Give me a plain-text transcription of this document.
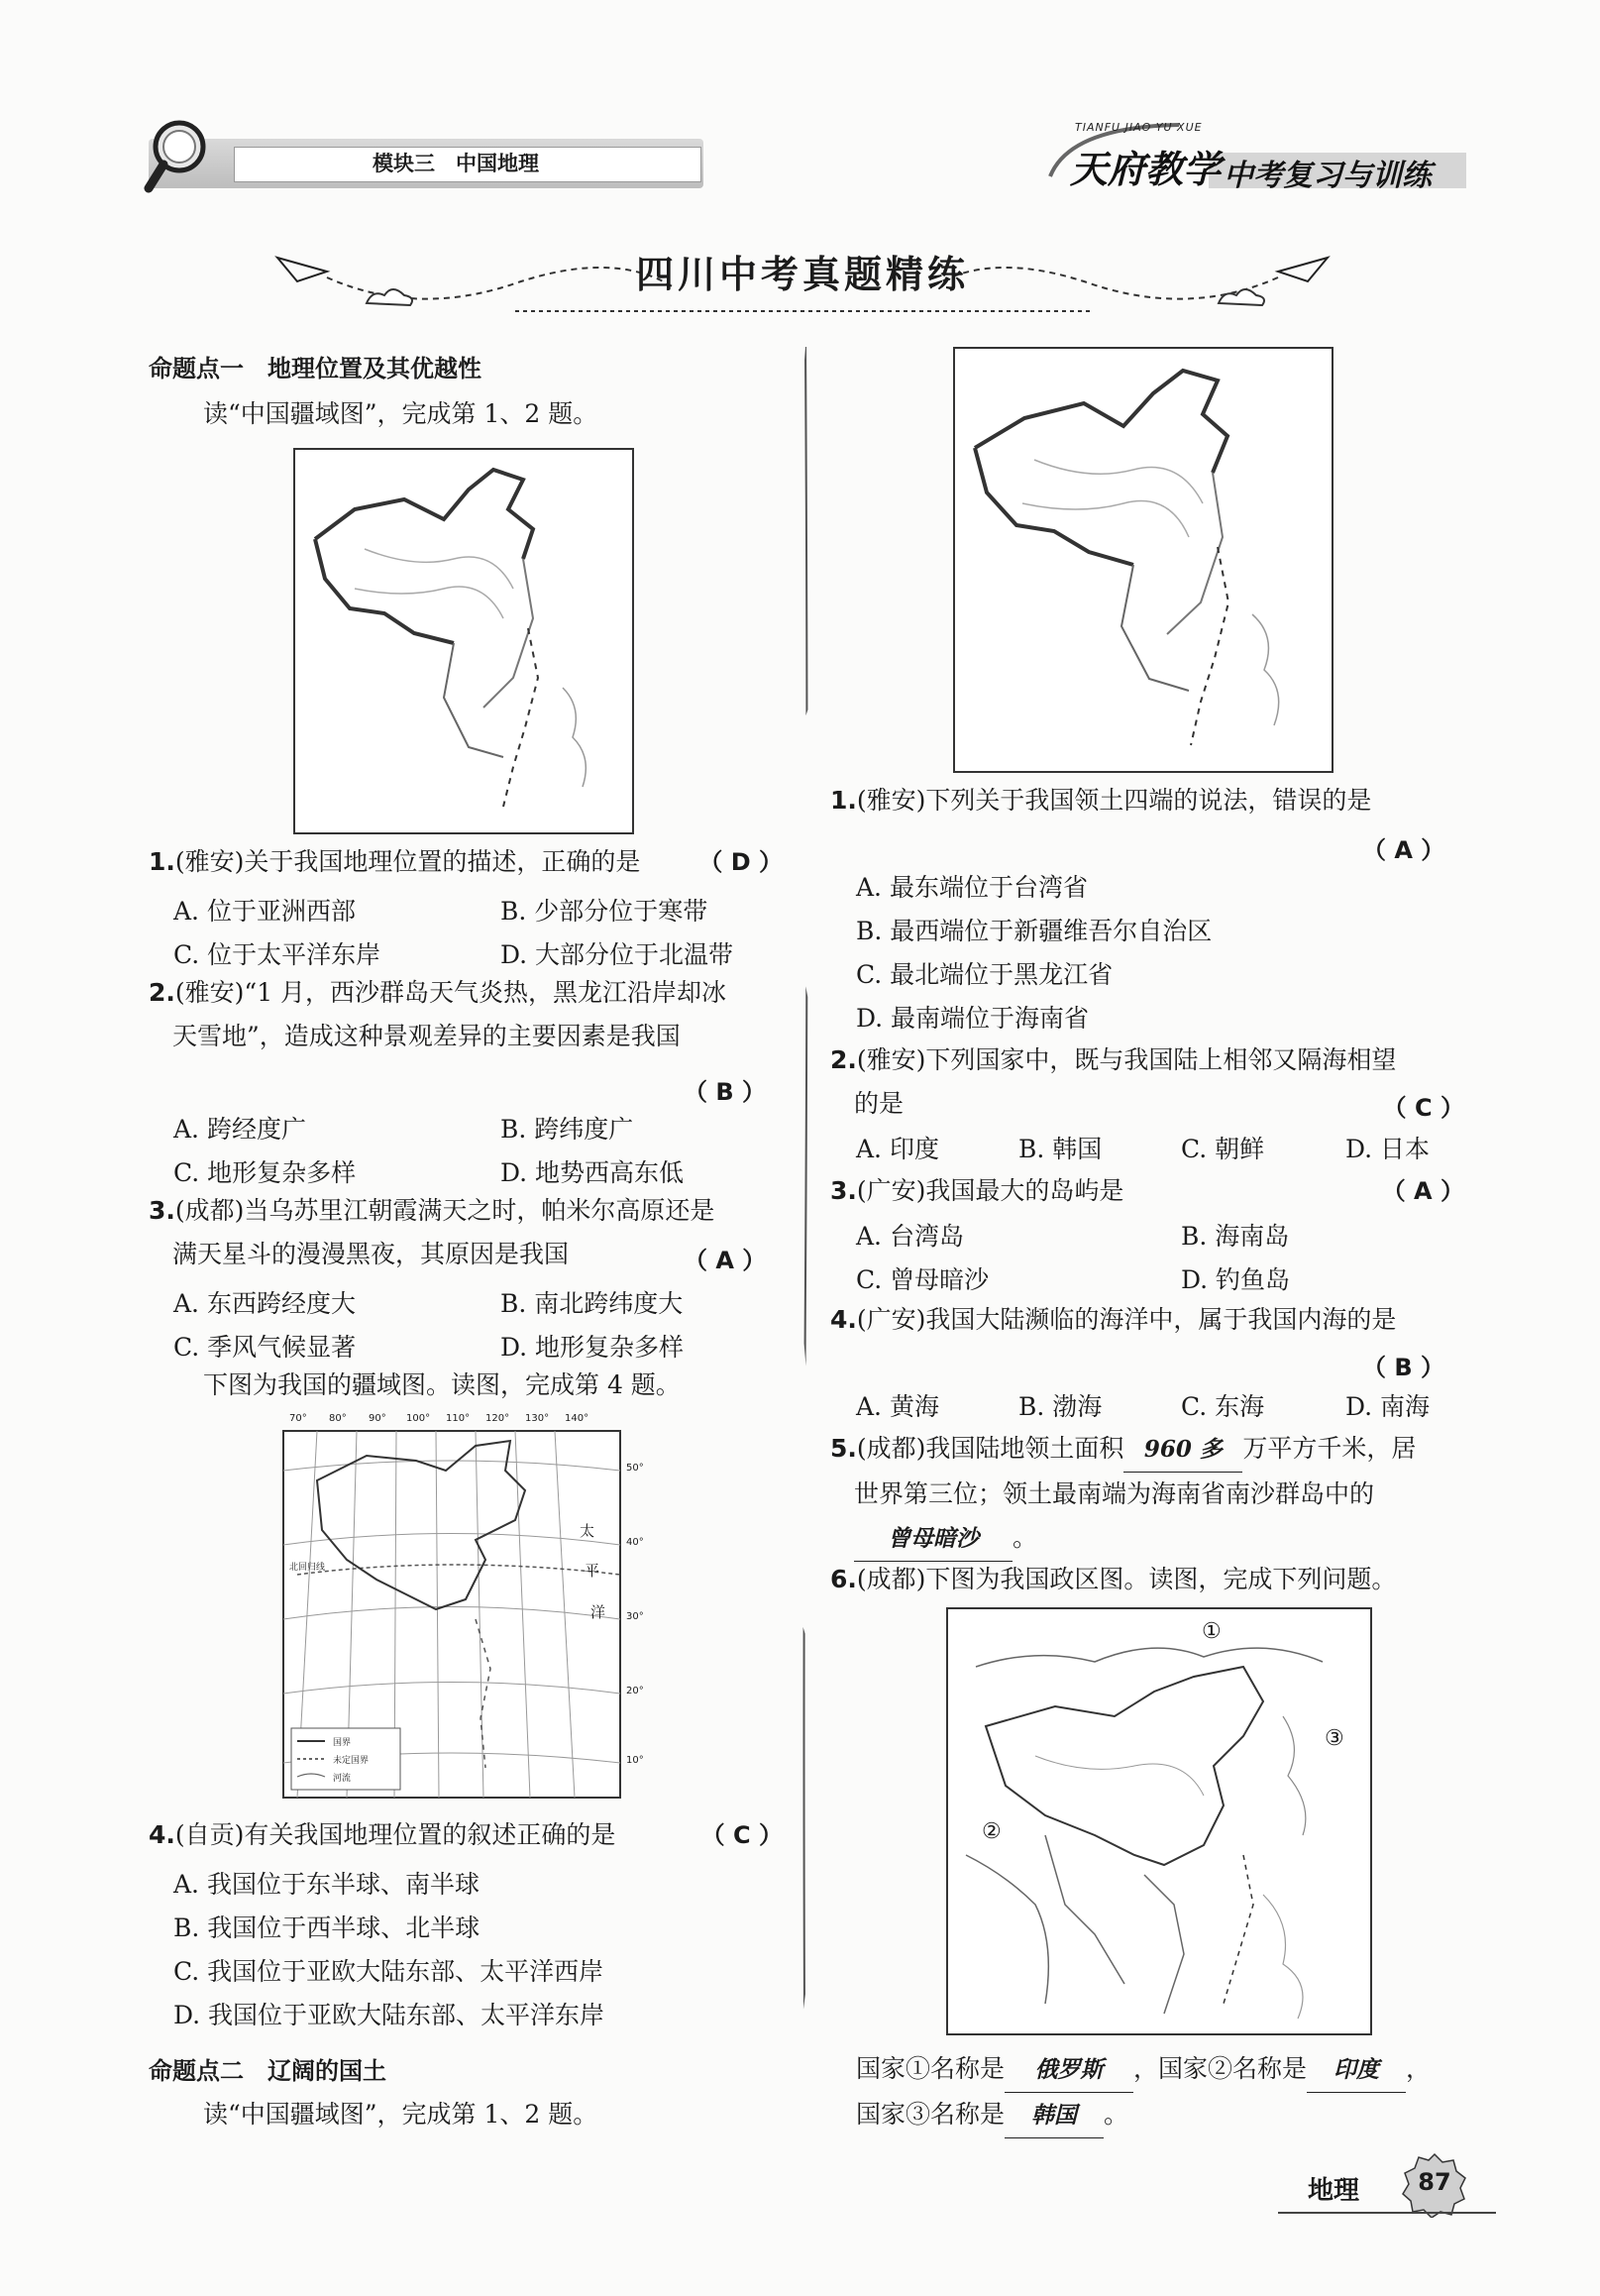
模块三　中国地理
TIANFU JIAO YU XUE
天府教学 中考复习与训练
四川中考真题精练
命题点一　地理位置及其优越性
读“中国疆域图”，完成第 1、2 题。
1.(雅安)关于我国地理位置的描述，正确的是 （ D ）
A. 位于亚洲西部	B. 少部分位于寒带
C. 位于太平洋东岸	D. 大部分位于北温带
2.(雅安)“1 月，西沙群岛天气炎热，黑龙江沿岸却冰
天雪地”，造成这种景观差异的主要因素是我国
（ B ）
A. 跨经度广	B. 跨纬度广
C. 地形复杂多样	D. 地势西高东低
3.(成都)当乌苏里江朝霞满天之时，帕米尔高原还是
满天星斗的漫漫黑夜，其原因是我国	（ A ）
A. 东西跨经度大	B. 南北跨纬度大
C. 季风气候显著	D. 地形复杂多样
下图为我国的疆域图。读图，完成第 4 题。
70° 80° 90° 100° 110° 120° 130° 140°
50°
40°
30°
20°
10°
太
平
洋
北回归线
国界
未定国界
河流
4.(自贡)有关我国地理位置的叙述正确的是	（ C ）
A. 我国位于东半球、南半球
B. 我国位于西半球、北半球
C. 我国位于亚欧大陆东部、太平洋西岸
D. 我国位于亚欧大陆东部、太平洋东岸
命题点二　辽阔的国土
读“中国疆域图”，完成第 1、2 题。
1.(雅安)下列关于我国领土四端的说法，错误的是
（ A ）
A. 最东端位于台湾省
B. 最西端位于新疆维吾尔自治区
C. 最北端位于黑龙江省
D. 最南端位于海南省
2.(雅安)下列国家中，既与我国陆上相邻又隔海相望
的是	（ C ）
A. 印度	B. 韩国	C. 朝鲜	D. 日本
3.(广安)我国最大的岛屿是	（ A ）
A. 台湾岛	B. 海南岛
C. 曾母暗沙	D. 钓鱼岛
4.(广安)我国大陆濒临的海洋中，属于我国内海的是
（ B ）
A. 黄海	B. 渤海	C. 东海	D. 南海
5.(成都)我国陆地领土面积 960 多 万平方千米，居
世界第三位；领土最南端为海南省南沙群岛中的
曾母暗沙 。
6.(成都)下图为我国政区图。读图，完成下列问题。
①
②
③
国家①名称是 俄罗斯 ，国家②名称是 印度 ，
国家③名称是 韩国 。
地理	87
